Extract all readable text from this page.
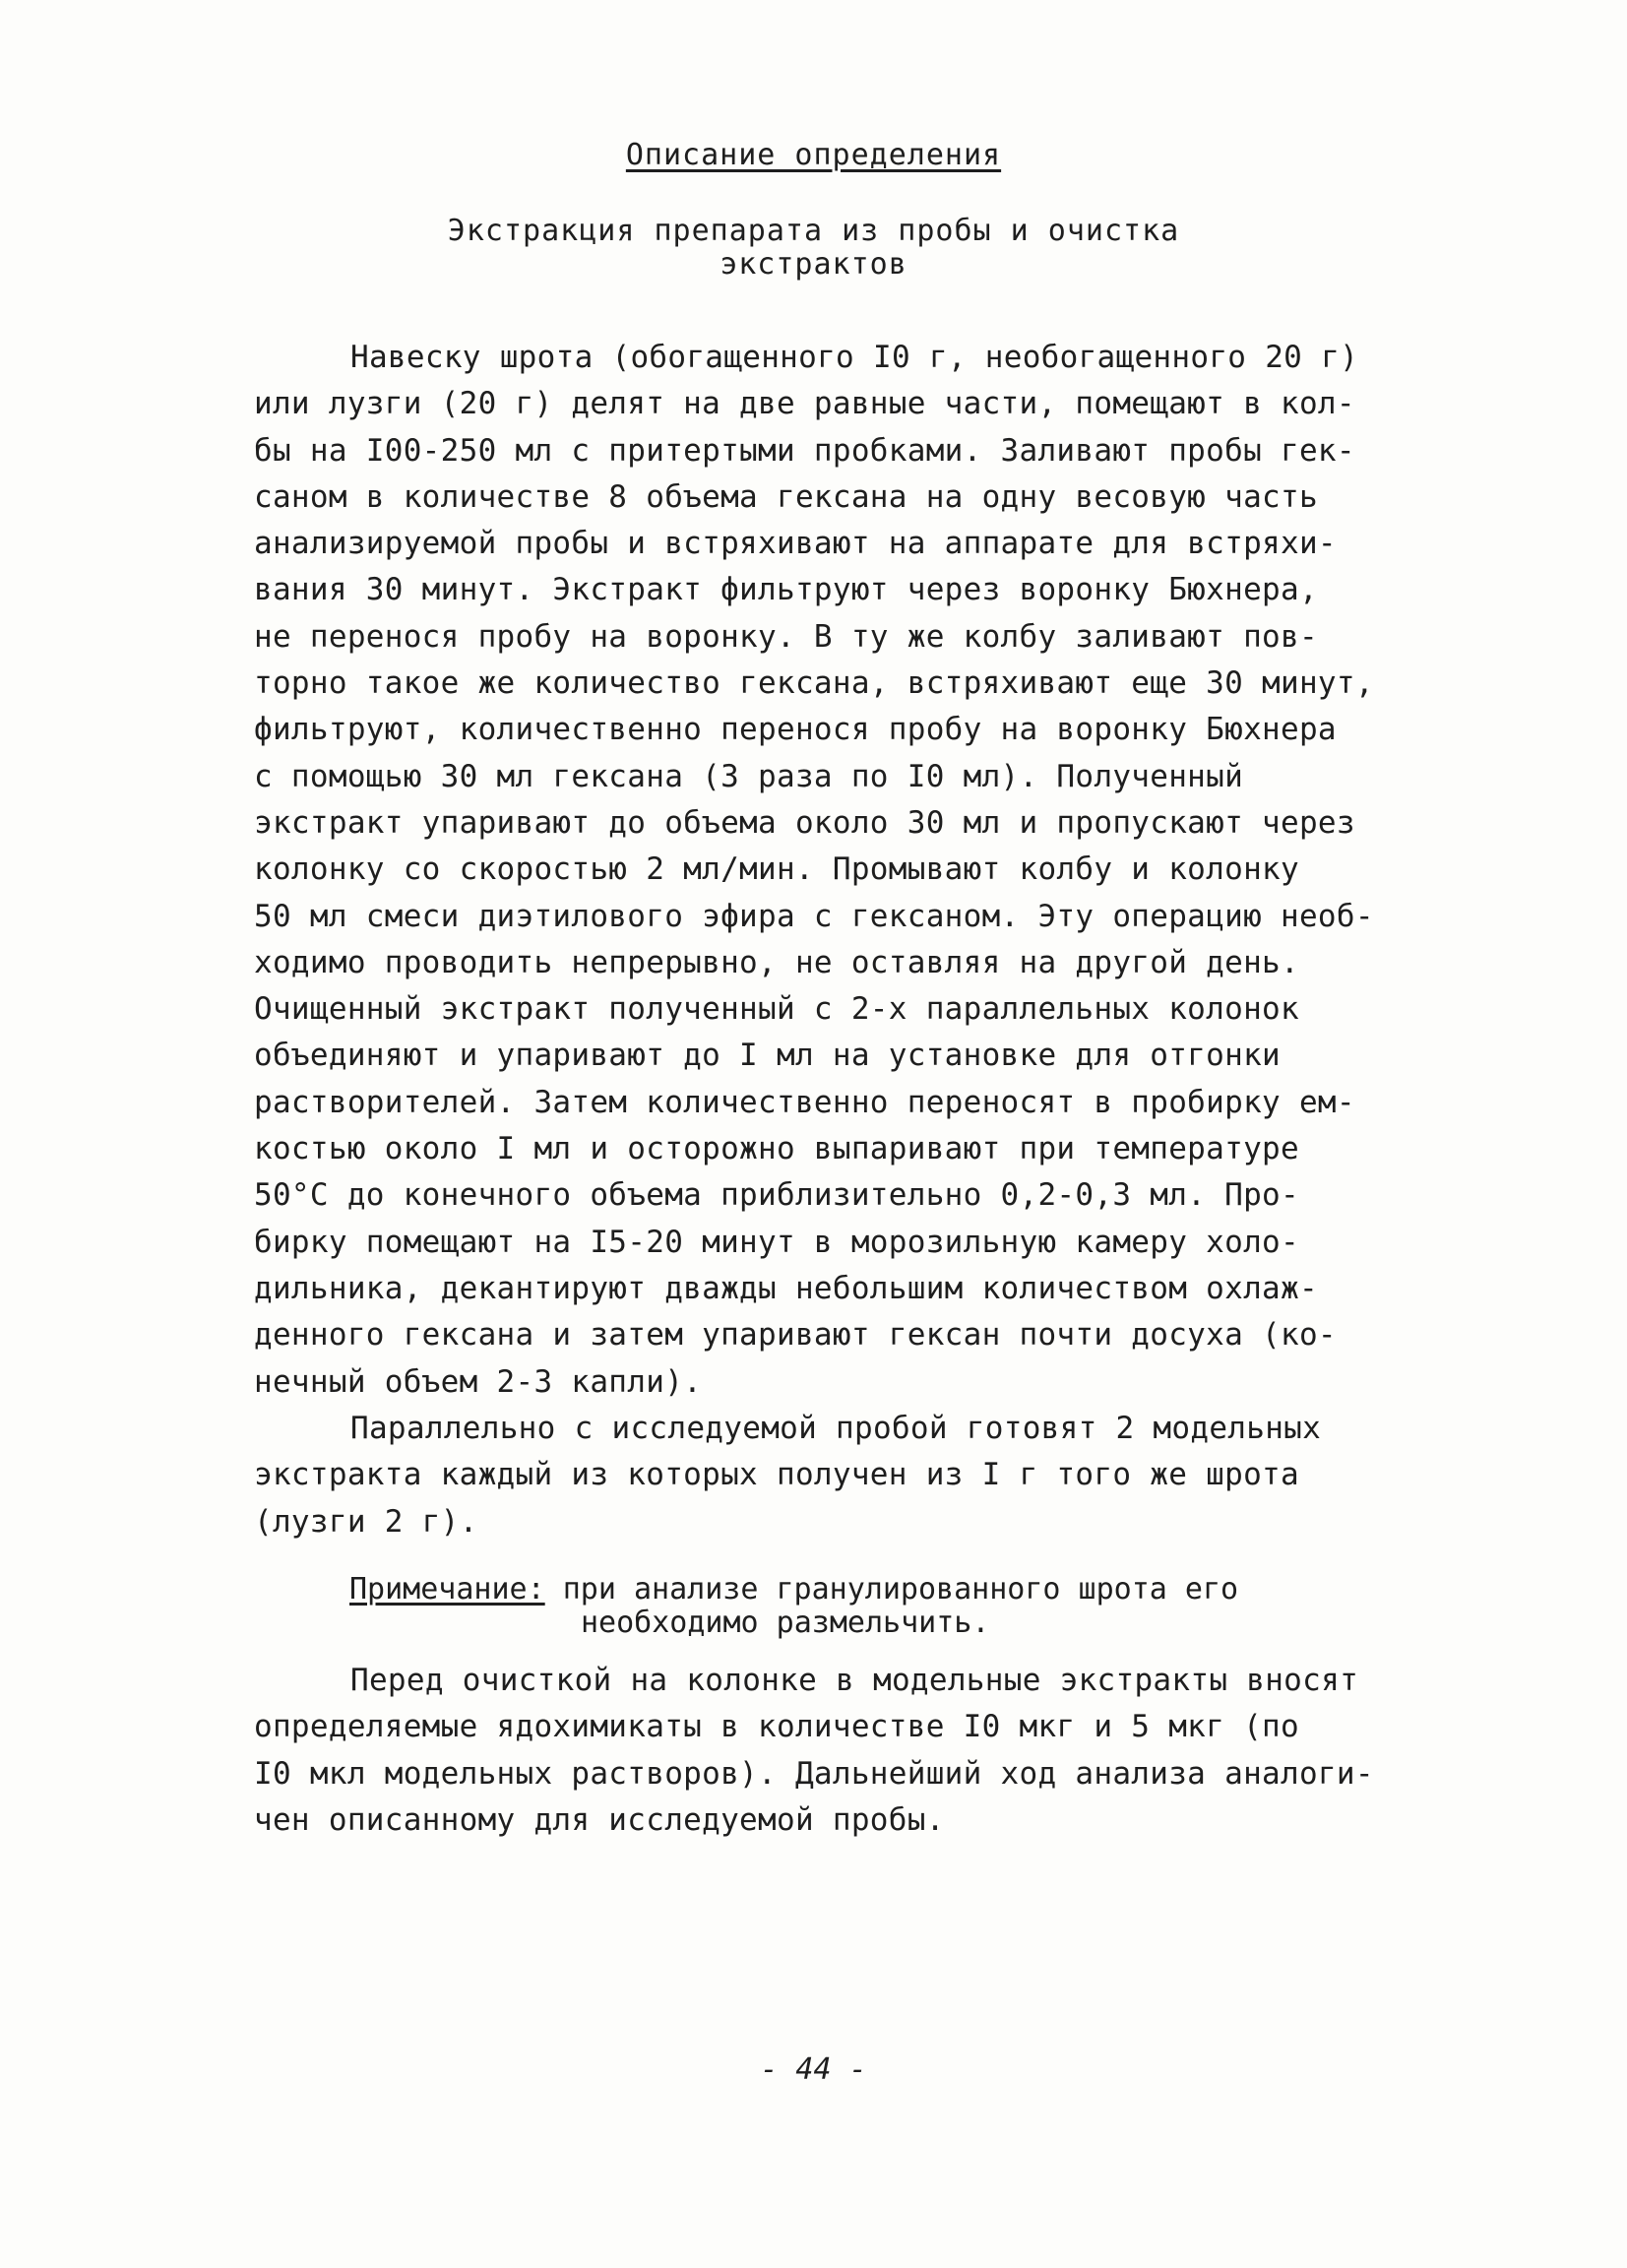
Описание определения
Экстракция препарата из пробы и очистка
экстрактов
Навеску шрота (обогащенного I0 г, необогащенного 20 г)
или лузги (20 г) делят на две равные части, помещают в кол-
бы на I00-250 мл с притертыми пробками. Заливают пробы гек-
саном в количестве 8 объема гексана на одну весовую часть
анализируемой пробы и встряхивают на аппарате для встряхи-
вания 30 минут. Экстракт фильтруют через воронку Бюхнера,
не перенося пробу на воронку. В ту же колбу заливают пов-
торно такое же количество гексана, встряхивают еще 30 минут,
фильтруют, количественно перенося пробу на воронку Бюхнера
с помощью 30 мл гексана (3 раза по I0 мл). Полученный
экстракт упаривают до объема около 30 мл и пропускают через
колонку со скоростью 2 мл/мин. Промывают колбу и колонку
50 мл смеси диэтилового эфира с гексаном. Эту операцию необ-
ходимо проводить непрерывно, не оставляя на другой день.
Очищенный экстракт полученный с 2-х параллельных колонок
объединяют и упаривают до I мл на установке для отгонки
растворителей. Затем количественно переносят в пробирку ем-
костью около I мл и осторожно выпаривают при температуре
50°С до конечного объема приблизительно 0,2-0,3 мл. Про-
бирку помещают на I5-20 минут в морозильную камеру холо-
дильника, декантируют дважды небольшим количеством охлаж-
денного гексана и затем упаривают гексан почти досуха (ко-
нечный объем 2-3 капли).
Параллельно с исследуемой пробой готовят 2 модельных
экстракта каждый из которых получен из I г того же шрота
(лузги 2 г).
Примечание: при анализе гранулированного шрота его
необходимо размельчить.
Перед очисткой на колонке в модельные экстракты вносят
определяемые ядохимикаты в количестве I0 мкг и 5 мкг (по
I0 мкл модельных растворов). Дальнейший ход анализа аналоги-
чен описанному для исследуемой пробы.
- 44 -
